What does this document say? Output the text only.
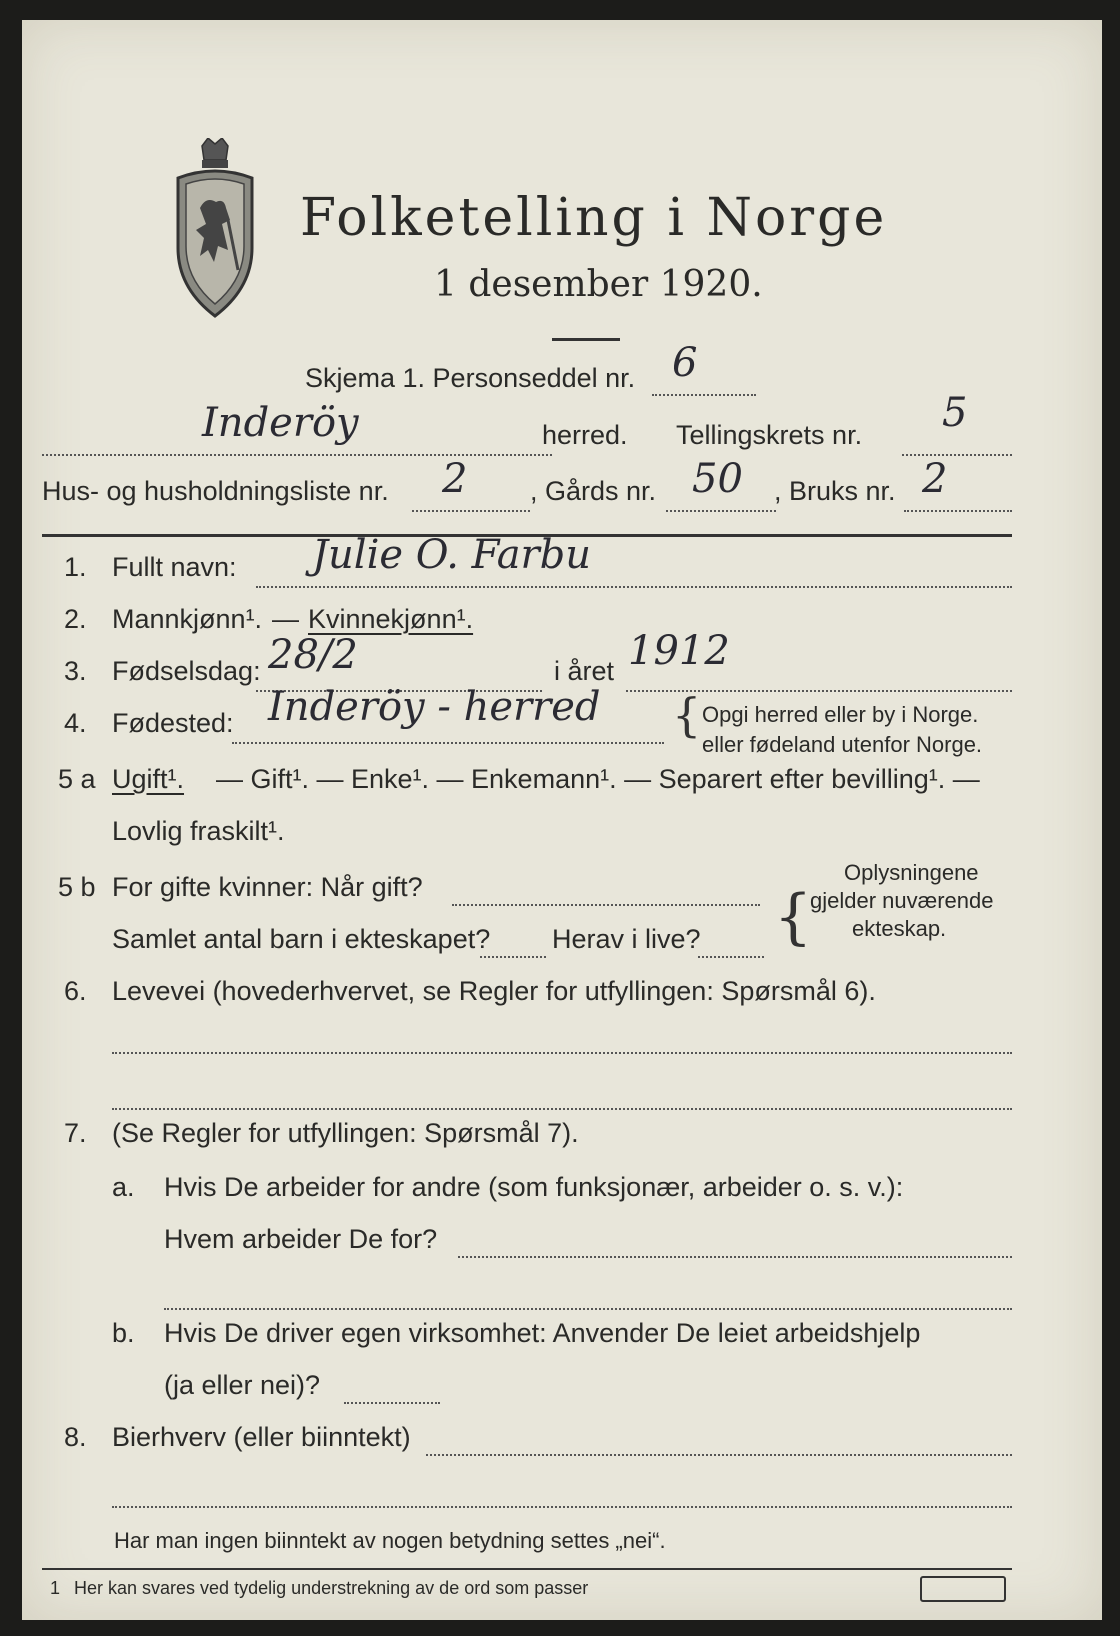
Folketelling i Norge
1 desember 1920.
Skjema 1. Personseddel nr. 6
Inderöy	herred. Tellingskrets nr. 5
Hus- og husholdningsliste nr. 2 , Gårds nr. 50 , Bruks nr. 2
1. Fullt navn: Julie O. Farbu
2. Mannkjønn¹. — Kvinnekjønn¹.
3. Fødselsdag: 28/2	i året 1912
4. Fødested: Inderöy - herred { Opgi herred eller by i Norge.
eller fødeland utenfor Norge.
5 a Ugift¹. — Gift¹. — Enke¹. — Enkemann¹. — Separert efter bevilling¹. —
Lovlig fraskilt¹.
5 b For gifte kvinner: Når gift?
Samlet antal barn i ekteskapet? Herav i live? {
Oplysningene
gjelder nuværende
ekteskap.
6. Levevei (hovederhvervet, se Regler for utfyllingen: Spørsmål 6).
7. (Se Regler for utfyllingen: Spørsmål 7).
a. Hvis De arbeider for andre (som funksjonær, arbeider o. s. v.):
Hvem arbeider De for?
b. Hvis De driver egen virksomhet: Anvender De leiet arbeidshjelp
(ja eller nei)?
8. Bierhverv (eller biinntekt)
Har man ingen biinntekt av nogen betydning settes „nei“.
1 Her kan svares ved tydelig understrekning av de ord som passer
